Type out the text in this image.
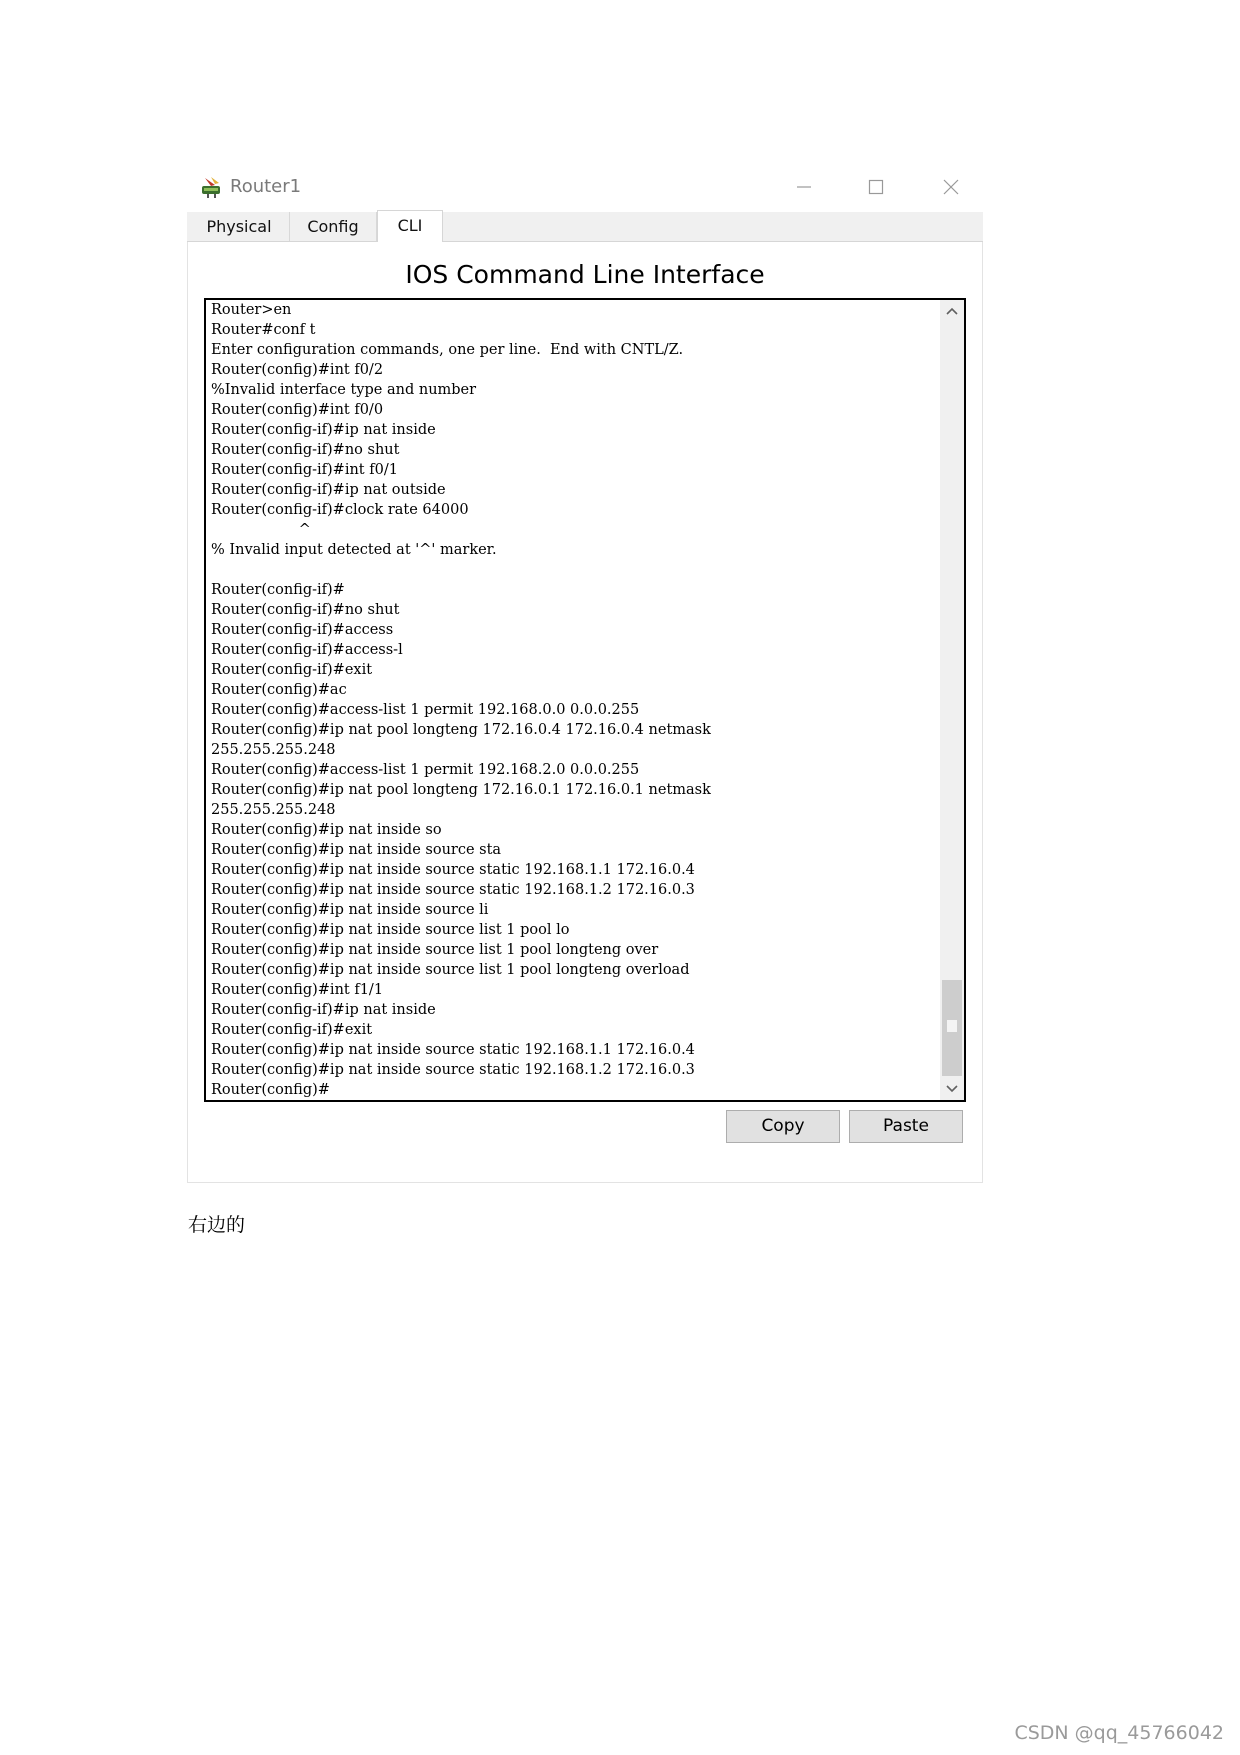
Router1
Physical	Config	CLI
IOS Command Line Interface
Router>en
Router#conf t
Enter configuration commands, one per line.  End with CNTL/Z.
Router(config)#int f0/2
%Invalid interface type and number
Router(config)#int f0/0
Router(config-if)#ip nat inside
Router(config-if)#no shut
Router(config-if)#int f0/1
Router(config-if)#ip nat outside
Router(config-if)#clock rate 64000
^
% Invalid input detected at '^' marker.

Router(config-if)#
Router(config-if)#no shut
Router(config-if)#access
Router(config-if)#access-l
Router(config-if)#exit
Router(config)#ac
Router(config)#access-list 1 permit 192.168.0.0 0.0.0.255
Router(config)#ip nat pool longteng 172.16.0.4 172.16.0.4 netmask
255.255.255.248
Router(config)#access-list 1 permit 192.168.2.0 0.0.0.255
Router(config)#ip nat pool longteng 172.16.0.1 172.16.0.1 netmask
255.255.255.248
Router(config)#ip nat inside so
Router(config)#ip nat inside source sta
Router(config)#ip nat inside source static 192.168.1.1 172.16.0.4
Router(config)#ip nat inside source static 192.168.1.2 172.16.0.3
Router(config)#ip nat inside source li
Router(config)#ip nat inside source list 1 pool lo
Router(config)#ip nat inside source list 1 pool longteng over
Router(config)#ip nat inside source list 1 pool longteng overload
Router(config)#int f1/1
Router(config-if)#ip nat inside
Router(config-if)#exit
Router(config)#ip nat inside source static 192.168.1.1 172.16.0.4
Router(config)#ip nat inside source static 192.168.1.2 172.16.0.3
Router(config)#
Copy	Paste
右边的
CSDN @qq_45766042
